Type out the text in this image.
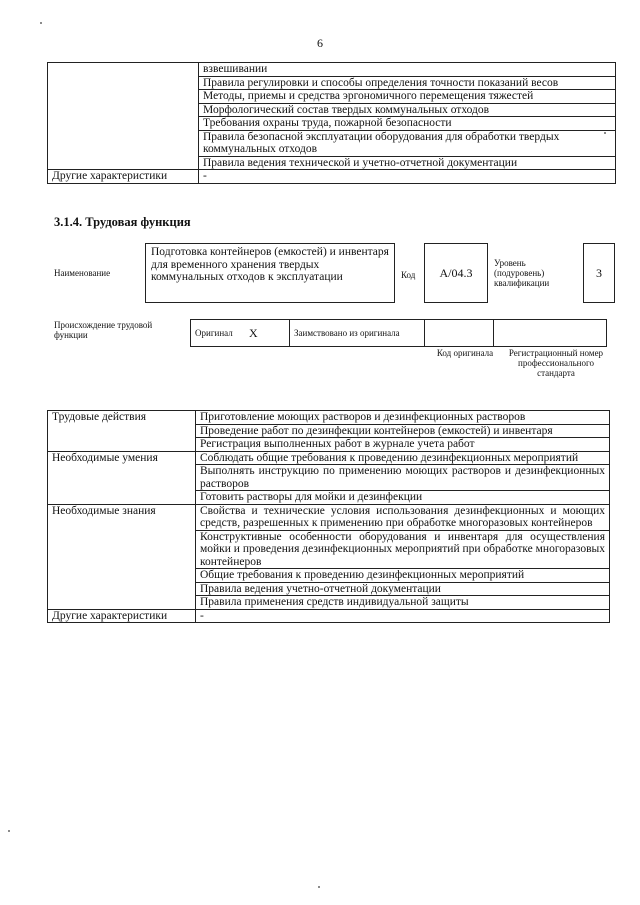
6
	взвешивании
	Правила регулировки и способы определения точности показаний весов
	Методы, приемы и средства эргономичного перемещения тяжестей
	Морфологический состав твердых коммунальных отходов
	Требования охраны труда, пожарной безопасности
	Правила безопасной эксплуатации оборудования для обработки твердых коммунальных отходов
	Правила ведения технической и учетно-отчетной документации
Другие характеристики	-
3.1.4. Трудовая функция
Наименование
Подготовка контейнеров (емкостей) и инвентаря для временного хранения твердых коммунальных отходов к эксплуатации	Код А/04.3
Уровень (подуровень) квалификации
3
Происхождение трудовой функции	Оригинал	X	Заимствовано из оригинала		
Код оригинала	Регистрационный номер профессионального стандарта
Трудовые действия	Приготовление моющих растворов и дезинфекционных растворов
	Проведение работ по дезинфекции контейнеров (емкостей) и инвентаря
	Регистрация выполненных работ в журнале учета работ
Необходимые умения	Соблюдать общие требования к проведению дезинфекционных мероприятий
	Выполнять инструкцию по применению моющих растворов и дезинфекционных растворов
	Готовить растворы для мойки и дезинфекции
Необходимые знания	Свойства и технические условия использования дезинфекционных и моющих средств, разрешенных к применению при обработке многоразовых контейнеров
	Конструктивные особенности оборудования и инвентаря для осуществления мойки и проведения дезинфекционных мероприятий при обработке многоразовых контейнеров
	Общие требования к проведению дезинфекционных мероприятий
	Правила ведения учетно-отчетной документации
	Правила применения средств индивидуальной защиты
Другие характеристики	-
